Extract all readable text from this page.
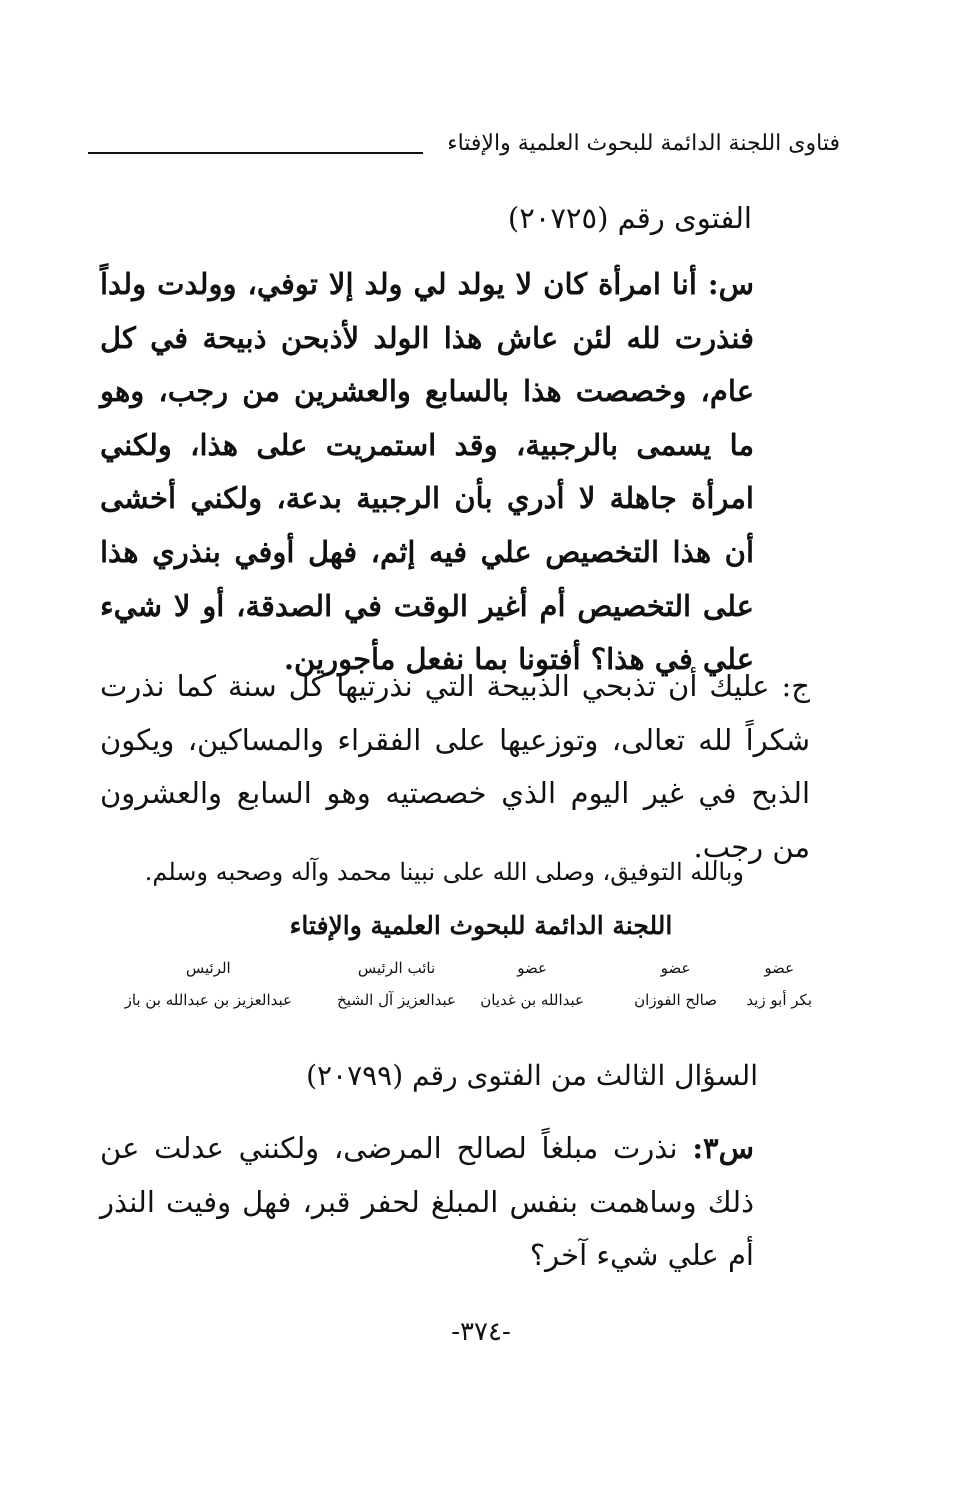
فتاوى اللجنة الدائمة للبحوث العلمية والإفتاء
الفتوى رقم (٢٠٧٢٥)
س: أنا امرأة كان لا يولد لي ولد إلا توفي، وولدت ولداً فنذرت لله لئن عاش هذا الولد لأذبحن ذبيحة في كل عام، وخصصت هذا بالسابع والعشرين من رجب، وهو ما يسمى بالرجبية، وقد استمريت على هذا، ولكني امرأة جاهلة لا أدري بأن الرجبية بدعة، ولكني أخشى أن هذا التخصيص علي فيه إثم، فهل أوفي بنذري هذا على التخصيص أم أغير الوقت في الصدقة، أو لا شيء علي في هذا؟ أفتونا بما نفعل مأجورين.
ج: عليك أن تذبحي الذبيحة التي نذرتيها كل سنة كما نذرت شكراً لله تعالى، وتوزعيها على الفقراء والمساكين، ويكون الذبح في غير اليوم الذي خصصتيه وهو السابع والعشرون من رجب.
وبالله التوفيق، وصلى الله على نبينا محمد وآله وصحبه وسلم.
اللجنة الدائمة للبحوث العلمية والإفتاء
عضو
بكر أبو زيد
عضو
صالح الفوزان
عضو
عبدالله بن غديان
نائب الرئيس
عبدالعزيز آل الشيخ
الرئيس
عبدالعزيز بن عبدالله بن باز
السؤال الثالث من الفتوى رقم (٢٠٧٩٩)
س٣: نذرت مبلغاً لصالح المرضى، ولكنني عدلت عن ذلك وساهمت بنفس المبلغ لحفر قبر، فهل وفيت النذر أم علي شيء آخر؟
-٣٧٤-
